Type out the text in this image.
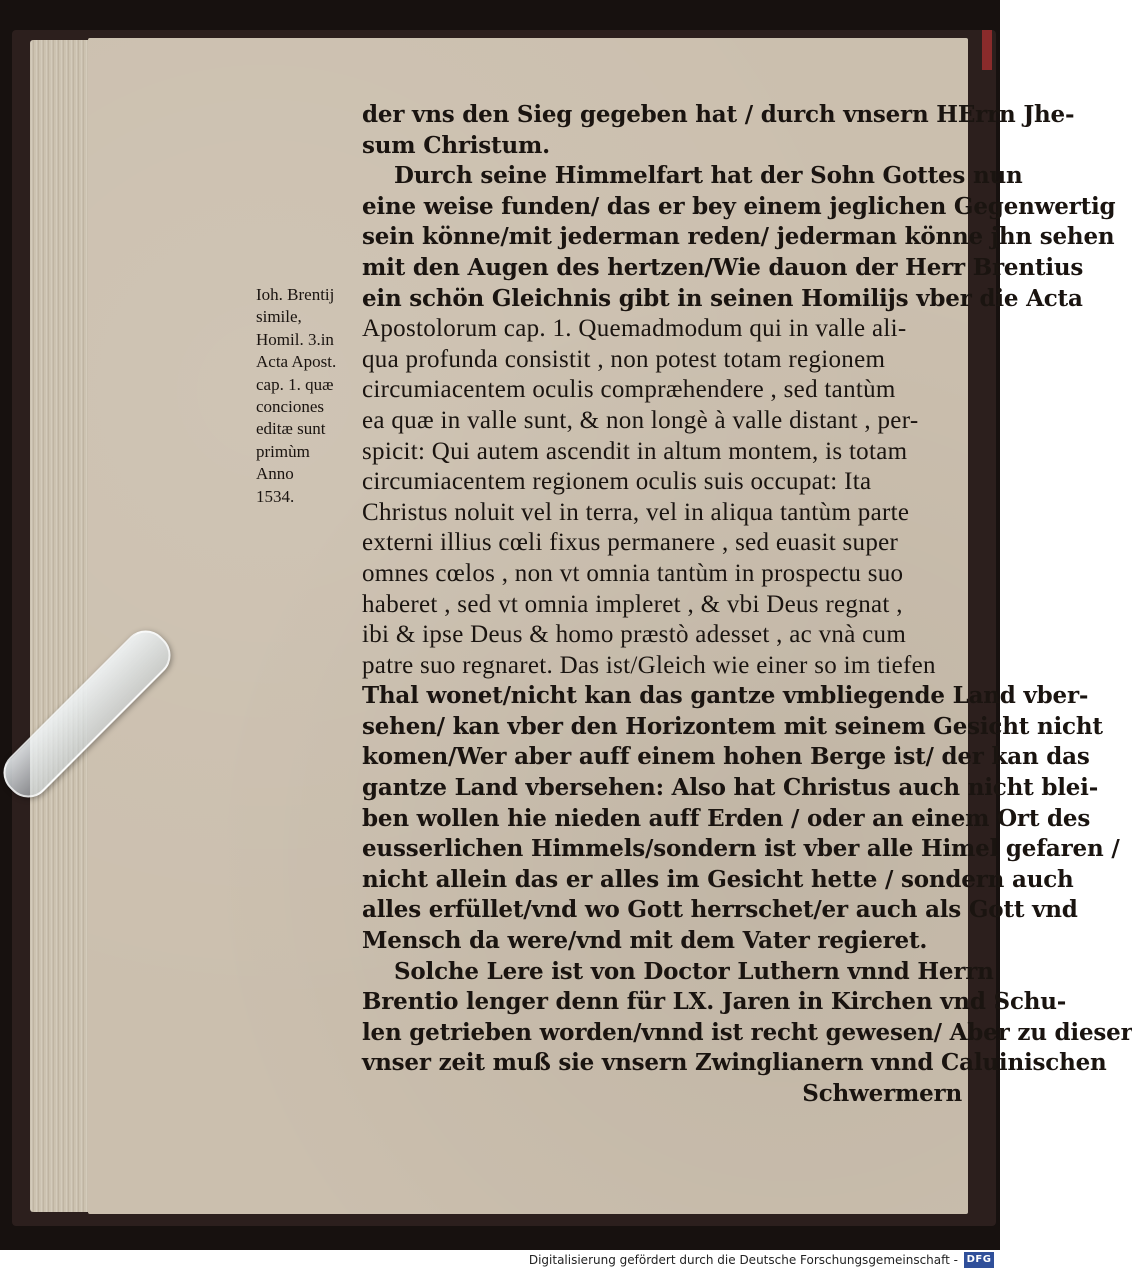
Ioh. Brentij
simile,
Homil. 3.in
Acta Apost.
cap. 1. quӕ
conciones
editӕ sunt
primùm
Anno
1534.
der vns den Sieg gegeben hat / durch vnsern HErrn Jhe-
sum Christum.
Durch seine Himmelfart hat der Sohn Gottes nun
eine weise funden/ das er bey einem jeglichen Gegenwertig
sein könne/mit jederman reden/ jederman könne jhn sehen
mit den Augen des hertzen/Wie dauon der Herr Brentius
ein schön Gleichnis gibt in seinen Homilijs vber die Acta
Apostolorum cap. 1. Quemadmodum qui in valle ali-
qua profunda consistit , non potest totam regionem
circumiacentem oculis comprӕhendere , sed tantùm
ea quӕ in valle sunt, & non longè à valle distant , per-
spicit: Qui autem ascendit in altum montem, is totam
circumiacentem regionem oculis suis occupat: Ita
Christus noluit vel in terra, vel in aliqua tantùm parte
externi illius cœli fixus permanere , sed euasit super
omnes cœlos , non vt omnia tantùm in prospectu suo
haberet , sed vt omnia impleret , & vbi Deus regnat ,
ibi & ipse Deus & homo prӕstò adesset , ac vnà cum
patre suo regnaret. Das ist/Gleich wie einer so im tiefen
Thal wonet/nicht kan das gantze vmbliegende Land vber-
sehen/ kan vber den Horizontem mit seinem Gesicht nicht
komen/Wer aber auff einem hohen Berge ist/ der kan das
gantze Land vbersehen: Also hat Christus auch nicht blei-
ben wollen hie nieden auff Erden / oder an einem Ort des
eusserlichen Himmels/sondern ist vber alle Himel gefaren /
nicht allein das er alles im Gesicht hette / sondern auch
alles erfüllet/vnd wo Gott herrschet/er auch als Gott vnd
Mensch da were/vnd mit dem Vater regieret.
Solche Lere ist von Doctor Luthern vnnd Herrn
Brentio lenger denn für LX. Jaren in Kirchen vnd Schu-
len getrieben worden/vnnd ist recht gewesen/ Aber zu dieser
vnser zeit muß sie vnsern Zwinglianern vnnd Caluinischen
Schwermern
Digitalisierung gefördert durch die Deutsche Forschungsgemeinschaft - DFG
